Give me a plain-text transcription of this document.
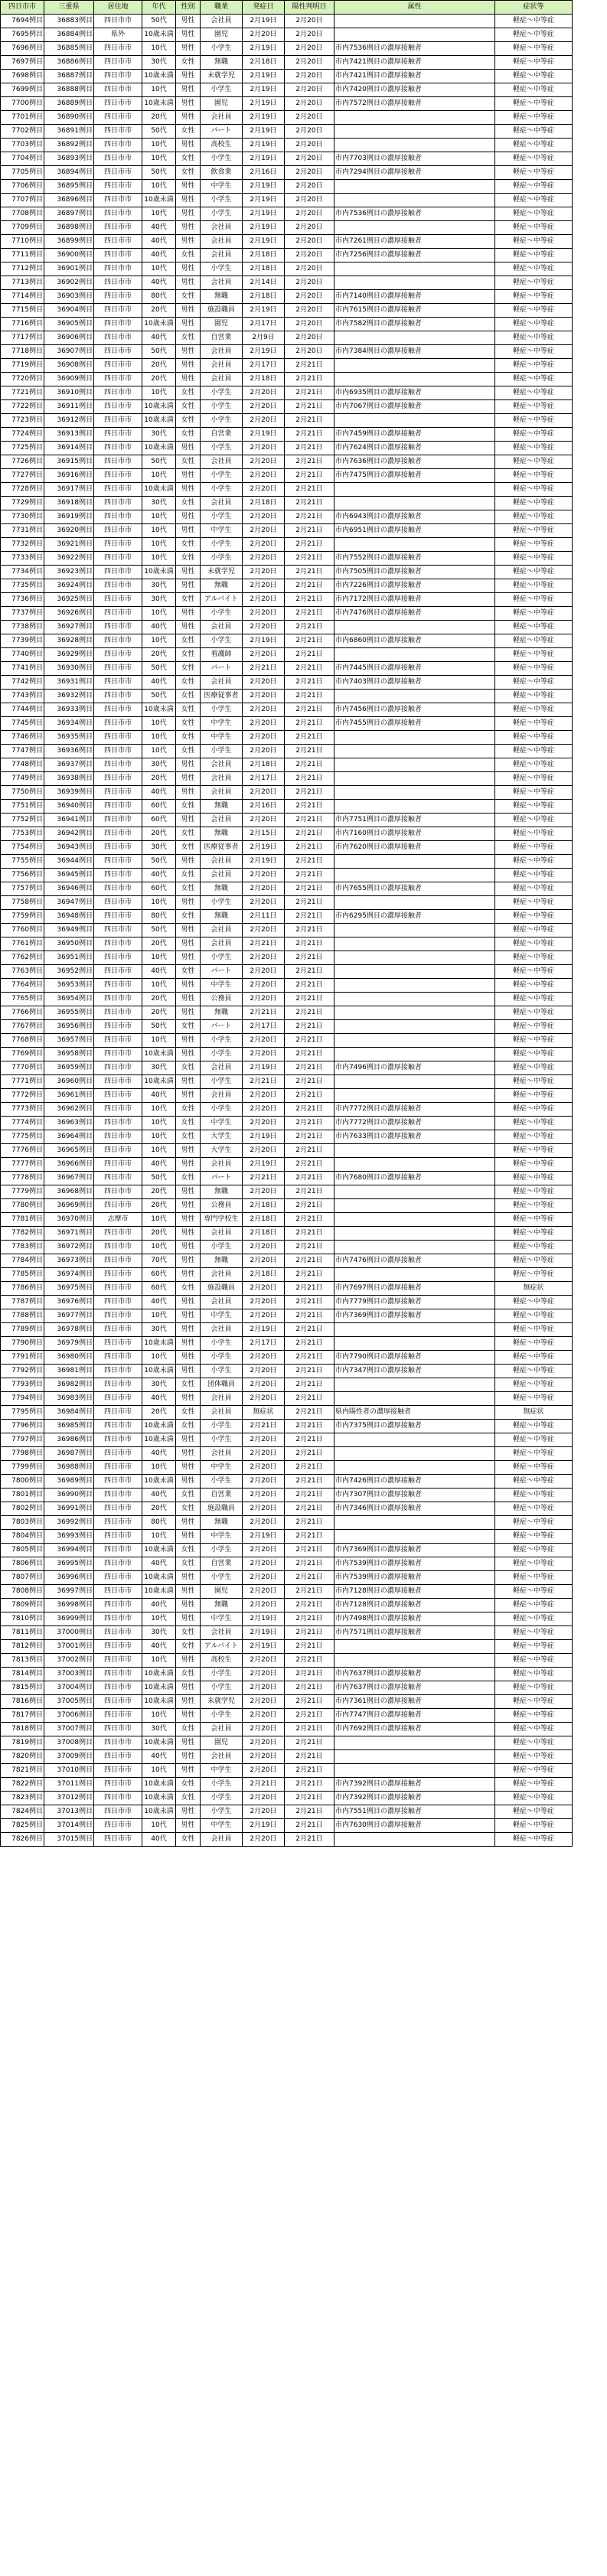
四日市市	三重県	居住地	年代	性別	職業	発症日	陽性判明日	属性	症状等
7694例目	36883例目	四日市市	50代	男性	会社員	2月19日	2月20日		軽症～中等症
7695例目	36884例目	県外	10歳未満	男性	園児	2月20日	2月20日		軽症～中等症
7696例目	36885例目	四日市市	10代	男性	小学生	2月19日	2月20日	市内7536例目の濃厚接触者	軽症～中等症
7697例目	36886例目	四日市市	30代	女性	無職	2月18日	2月20日	市内7421例目の濃厚接触者	軽症～中等症
7698例目	36887例目	四日市市	10歳未満	男性	未就学児	2月19日	2月20日	市内7421例目の濃厚接触者	軽症～中等症
7699例目	36888例目	四日市市	10代	男性	小学生	2月19日	2月20日	市内7420例目の濃厚接触者	軽症～中等症
7700例目	36889例目	四日市市	10歳未満	男性	園児	2月19日	2月20日	市内7572例目の濃厚接触者	軽症～中等症
7701例目	36890例目	四日市市	20代	男性	会社員	2月19日	2月20日		軽症～中等症
7702例目	36891例目	四日市市	50代	女性	パート	2月19日	2月20日		軽症～中等症
7703例目	36892例目	四日市市	10代	男性	高校生	2月19日	2月20日		軽症～中等症
7704例目	36893例目	四日市市	10代	女性	小学生	2月19日	2月20日	市内7703例目の濃厚接触者	軽症～中等症
7705例目	36894例目	四日市市	50代	女性	飲食業	2月16日	2月20日	市内7294例目の濃厚接触者	軽症～中等症
7706例目	36895例目	四日市市	10代	男性	中学生	2月19日	2月20日		軽症～中等症
7707例目	36896例目	四日市市	10歳未満	男性	小学生	2月19日	2月20日		軽症～中等症
7708例目	36897例目	四日市市	10代	男性	小学生	2月19日	2月20日	市内7536例目の濃厚接触者	軽症～中等症
7709例目	36898例目	四日市市	40代	男性	会社員	2月19日	2月20日		軽症～中等症
7710例目	36899例目	四日市市	40代	男性	会社員	2月19日	2月20日	市内7261例目の濃厚接触者	軽症～中等症
7711例目	36900例目	四日市市	40代	女性	会社員	2月18日	2月20日	市内7256例目の濃厚接触者	軽症～中等症
7712例目	36901例目	四日市市	10代	男性	小学生	2月18日	2月20日		軽症～中等症
7713例目	36902例目	四日市市	40代	男性	会社員	2月14日	2月20日		軽症～中等症
7714例目	36903例目	四日市市	80代	女性	無職	2月18日	2月20日	市内7140例目の濃厚接触者	軽症～中等症
7715例目	36904例目	四日市市	20代	男性	施設職員	2月19日	2月20日	市内7615例目の濃厚接触者	軽症～中等症
7716例目	36905例目	四日市市	10歳未満	男性	園児	2月17日	2月20日	市内7582例目の濃厚接触者	軽症～中等症
7717例目	36906例目	四日市市	40代	女性	自営業	2月9日	2月20日		軽症～中等症
7718例目	36907例目	四日市市	50代	男性	会社員	2月19日	2月20日	市内7384例目の濃厚接触者	軽症～中等症
7719例目	36908例目	四日市市	20代	男性	会社員	2月17日	2月21日		軽症～中等症
7720例目	36909例目	四日市市	20代	男性	会社員	2月18日	2月21日		軽症～中等症
7721例目	36910例目	四日市市	10代	女性	小学生	2月20日	2月21日	市内6935例目の濃厚接触者	軽症～中等症
7722例目	36911例目	四日市市	10歳未満	女性	小学生	2月20日	2月21日	市内7067例目の濃厚接触者	軽症～中等症
7723例目	36912例目	四日市市	10歳未満	女性	小学生	2月20日	2月21日		軽症～中等症
7724例目	36913例目	四日市市	30代	女性	自営業	2月19日	2月21日	市内7459例目の濃厚接触者	軽症～中等症
7725例目	36914例目	四日市市	10歳未満	男性	小学生	2月20日	2月21日	市内7624例目の濃厚接触者	軽症～中等症
7726例目	36915例目	四日市市	50代	女性	会社員	2月20日	2月21日	市内7636例目の濃厚接触者	軽症～中等症
7727例目	36916例目	四日市市	10代	男性	小学生	2月20日	2月21日	市内7475例目の濃厚接触者	軽症～中等症
7728例目	36917例目	四日市市	10歳未満	男性	小学生	2月20日	2月21日		軽症～中等症
7729例目	36918例目	四日市市	30代	女性	会社員	2月18日	2月21日		軽症～中等症
7730例目	36919例目	四日市市	10代	男性	小学生	2月20日	2月21日	市内6943例目の濃厚接触者	軽症～中等症
7731例目	36920例目	四日市市	10代	男性	中学生	2月20日	2月21日	市内6951例目の濃厚接触者	軽症～中等症
7732例目	36921例目	四日市市	10代	女性	小学生	2月20日	2月21日		軽症～中等症
7733例目	36922例目	四日市市	10代	女性	小学生	2月20日	2月21日	市内7552例目の濃厚接触者	軽症～中等症
7734例目	36923例目	四日市市	10歳未満	男性	未就学児	2月20日	2月21日	市内7505例目の濃厚接触者	軽症～中等症
7735例目	36924例目	四日市市	30代	男性	無職	2月20日	2月21日	市内7226例目の濃厚接触者	軽症～中等症
7736例目	36925例目	四日市市	30代	女性	アルバイト	2月20日	2月21日	市内7172例目の濃厚接触者	軽症～中等症
7737例目	36926例目	四日市市	10代	男性	小学生	2月20日	2月21日	市内7476例目の濃厚接触者	軽症～中等症
7738例目	36927例目	四日市市	40代	男性	会社員	2月20日	2月21日		軽症～中等症
7739例目	36928例目	四日市市	10代	女性	小学生	2月19日	2月21日	市内6860例目の濃厚接触者	軽症～中等症
7740例目	36929例目	四日市市	20代	女性	看護師	2月20日	2月21日		軽症～中等症
7741例目	36930例目	四日市市	50代	女性	パート	2月21日	2月21日	市内7445例目の濃厚接触者	軽症～中等症
7742例目	36931例目	四日市市	40代	女性	会社員	2月20日	2月21日	市内7403例目の濃厚接触者	軽症～中等症
7743例目	36932例目	四日市市	50代	女性	医療従事者	2月20日	2月21日		軽症～中等症
7744例目	36933例目	四日市市	10歳未満	女性	小学生	2月20日	2月21日	市内7456例目の濃厚接触者	軽症～中等症
7745例目	36934例目	四日市市	10代	女性	中学生	2月20日	2月21日	市内7455例目の濃厚接触者	軽症～中等症
7746例目	36935例目	四日市市	10代	女性	中学生	2月20日	2月21日		軽症～中等症
7747例目	36936例目	四日市市	10代	女性	小学生	2月20日	2月21日		軽症～中等症
7748例目	36937例目	四日市市	30代	男性	会社員	2月18日	2月21日		軽症～中等症
7749例目	36938例目	四日市市	20代	男性	会社員	2月17日	2月21日		軽症～中等症
7750例目	36939例目	四日市市	40代	男性	会社員	2月20日	2月21日		軽症～中等症
7751例目	36940例目	四日市市	60代	女性	無職	2月16日	2月21日		軽症～中等症
7752例目	36941例目	四日市市	60代	男性	会社員	2月20日	2月21日	市内7751例目の濃厚接触者	軽症～中等症
7753例目	36942例目	四日市市	20代	女性	無職	2月15日	2月21日	市内7160例目の濃厚接触者	軽症～中等症
7754例目	36943例目	四日市市	30代	女性	医療従事者	2月19日	2月21日	市内7620例目の濃厚接触者	軽症～中等症
7755例目	36944例目	四日市市	50代	男性	会社員	2月19日	2月21日		軽症～中等症
7756例目	36945例目	四日市市	40代	女性	会社員	2月20日	2月21日		軽症～中等症
7757例目	36946例目	四日市市	60代	女性	無職	2月20日	2月21日	市内7655例目の濃厚接触者	軽症～中等症
7758例目	36947例目	四日市市	10代	男性	小学生	2月20日	2月21日		軽症～中等症
7759例目	36948例目	四日市市	80代	女性	無職	2月11日	2月21日	市内6295例目の濃厚接触者	軽症～中等症
7760例目	36949例目	四日市市	50代	男性	会社員	2月20日	2月21日		軽症～中等症
7761例目	36950例目	四日市市	20代	男性	会社員	2月21日	2月21日		軽症～中等症
7762例目	36951例目	四日市市	10代	男性	小学生	2月20日	2月21日		軽症～中等症
7763例目	36952例目	四日市市	40代	女性	パート	2月20日	2月21日		軽症～中等症
7764例目	36953例目	四日市市	10代	男性	中学生	2月20日	2月21日		軽症～中等症
7765例目	36954例目	四日市市	20代	男性	公務員	2月20日	2月21日		軽症～中等症
7766例目	36955例目	四日市市	20代	男性	無職	2月21日	2月21日		軽症～中等症
7767例目	36956例目	四日市市	50代	女性	パート	2月17日	2月21日		軽症～中等症
7768例目	36957例目	四日市市	10代	男性	小学生	2月20日	2月21日		軽症～中等症
7769例目	36958例目	四日市市	10歳未満	男性	小学生	2月20日	2月21日		軽症～中等症
7770例目	36959例目	四日市市	30代	女性	会社員	2月19日	2月21日	市内7496例目の濃厚接触者	軽症～中等症
7771例目	36960例目	四日市市	10歳未満	男性	小学生	2月21日	2月21日		軽症～中等症
7772例目	36961例目	四日市市	40代	男性	会社員	2月20日	2月21日		軽症～中等症
7773例目	36962例目	四日市市	10代	女性	小学生	2月20日	2月21日	市内7772例目の濃厚接触者	軽症～中等症
7774例目	36963例目	四日市市	10代	女性	中学生	2月20日	2月21日	市内7772例目の濃厚接触者	軽症～中等症
7775例目	36964例目	四日市市	10代	女性	大学生	2月19日	2月21日	市内7633例目の濃厚接触者	軽症～中等症
7776例目	36965例目	四日市市	10代	男性	大学生	2月20日	2月21日		軽症～中等症
7777例目	36966例目	四日市市	40代	男性	会社員	2月19日	2月21日		軽症～中等症
7778例目	36967例目	四日市市	50代	女性	パート	2月21日	2月21日	市内7680例目の濃厚接触者	軽症～中等症
7779例目	36968例目	四日市市	20代	男性	無職	2月20日	2月21日		軽症～中等症
7780例目	36969例目	四日市市	20代	男性	公務員	2月18日	2月21日		軽症～中等症
7781例目	36970例目	志摩市	10代	男性	専門学校生	2月18日	2月21日		軽症～中等症
7782例目	36971例目	四日市市	20代	男性	会社員	2月18日	2月21日		軽症～中等症
7783例目	36972例目	四日市市	10代	男性	小学生	2月20日	2月21日		軽症～中等症
7784例目	36973例目	四日市市	70代	男性	無職	2月20日	2月21日	市内7476例目の濃厚接触者	軽症～中等症
7785例目	36974例目	四日市市	60代	男性	会社員	2月18日	2月21日		軽症～中等症
7786例目	36975例目	四日市市	60代	女性	施設職員	2月20日	2月21日	市内7697例目の濃厚接触者	無症状
7787例目	36976例目	四日市市	40代	男性	会社員	2月20日	2月21日	市内7779例目の濃厚接触者	軽症～中等症
7788例目	36977例目	四日市市	10代	男性	中学生	2月20日	2月21日	市内7369例目の濃厚接触者	軽症～中等症
7789例目	36978例目	四日市市	30代	男性	会社員	2月19日	2月21日		軽症～中等症
7790例目	36979例目	四日市市	10歳未満	男性	小学生	2月17日	2月21日		軽症～中等症
7791例目	36980例目	四日市市	10代	男性	小学生	2月20日	2月21日	市内7790例目の濃厚接触者	軽症～中等症
7792例目	36981例目	四日市市	10歳未満	男性	小学生	2月20日	2月21日	市内7347例目の濃厚接触者	軽症～中等症
7793例目	36982例目	四日市市	30代	女性	団体職員	2月20日	2月21日		軽症～中等症
7794例目	36983例目	四日市市	40代	男性	会社員	2月20日	2月21日		軽症～中等症
7795例目	36984例目	四日市市	20代	女性	会社員	無症状	2月21日	県内陽性者の濃厚接触者	無症状
7796例目	36985例目	四日市市	10歳未満	女性	小学生	2月21日	2月21日	市内7375例目の濃厚接触者	軽症～中等症
7797例目	36986例目	四日市市	10歳未満	男性	小学生	2月20日	2月21日		軽症～中等症
7798例目	36987例目	四日市市	40代	男性	会社員	2月20日	2月21日		軽症～中等症
7799例目	36988例目	四日市市	10代	男性	中学生	2月20日	2月21日		軽症～中等症
7800例目	36989例目	四日市市	10歳未満	男性	小学生	2月20日	2月21日	市内7426例目の濃厚接触者	軽症～中等症
7801例目	36990例目	四日市市	40代	女性	自営業	2月20日	2月21日	市内7307例目の濃厚接触者	軽症～中等症
7802例目	36991例目	四日市市	20代	女性	施設職員	2月20日	2月21日	市内7346例目の濃厚接触者	軽症～中等症
7803例目	36992例目	四日市市	80代	男性	無職	2月20日	2月21日		軽症～中等症
7804例目	36993例目	四日市市	10代	男性	中学生	2月19日	2月21日		軽症～中等症
7805例目	36994例目	四日市市	10歳未満	女性	小学生	2月20日	2月21日	市内7369例目の濃厚接触者	軽症～中等症
7806例目	36995例目	四日市市	40代	女性	自営業	2月20日	2月21日	市内7539例目の濃厚接触者	軽症～中等症
7807例目	36996例目	四日市市	10歳未満	男性	小学生	2月20日	2月21日	市内7539例目の濃厚接触者	軽症～中等症
7808例目	36997例目	四日市市	10歳未満	男性	園児	2月20日	2月21日	市内7128例目の濃厚接触者	軽症～中等症
7809例目	36998例目	四日市市	40代	男性	無職	2月20日	2月21日	市内7128例目の濃厚接触者	軽症～中等症
7810例目	36999例目	四日市市	10代	男性	中学生	2月19日	2月21日	市内7498例目の濃厚接触者	軽症～中等症
7811例目	37000例目	四日市市	30代	女性	会社員	2月19日	2月21日	市内7571例目の濃厚接触者	軽症～中等症
7812例目	37001例目	四日市市	40代	女性	アルバイト	2月19日	2月21日		軽症～中等症
7813例目	37002例目	四日市市	10代	男性	高校生	2月20日	2月21日		軽症～中等症
7814例目	37003例目	四日市市	10歳未満	女性	小学生	2月20日	2月21日	市内7637例目の濃厚接触者	軽症～中等症
7815例目	37004例目	四日市市	10歳未満	男性	小学生	2月20日	2月21日	市内7637例目の濃厚接触者	軽症～中等症
7816例目	37005例目	四日市市	10歳未満	男性	未就学児	2月20日	2月21日	市内7361例目の濃厚接触者	軽症～中等症
7817例目	37006例目	四日市市	10代	男性	小学生	2月20日	2月21日	市内7747例目の濃厚接触者	軽症～中等症
7818例目	37007例目	四日市市	30代	女性	会社員	2月20日	2月21日	市内7692例目の濃厚接触者	軽症～中等症
7819例目	37008例目	四日市市	10歳未満	男性	園児	2月20日	2月21日		軽症～中等症
7820例目	37009例目	四日市市	40代	男性	会社員	2月20日	2月21日		軽症～中等症
7821例目	37010例目	四日市市	10代	男性	中学生	2月20日	2月21日		軽症～中等症
7822例目	37011例目	四日市市	10歳未満	女性	小学生	2月21日	2月21日	市内7392例目の濃厚接触者	軽症～中等症
7823例目	37012例目	四日市市	10歳未満	女性	小学生	2月20日	2月21日	市内7392例目の濃厚接触者	軽症～中等症
7824例目	37013例目	四日市市	10歳未満	男性	小学生	2月20日	2月21日	市内7551例目の濃厚接触者	軽症～中等症
7825例目	37014例目	四日市市	10代	男性	中学生	2月19日	2月21日	市内7630例目の濃厚接触者	軽症～中等症
7826例目	37015例目	四日市市	40代	女性	会社員	2月20日	2月21日		軽症～中等症
